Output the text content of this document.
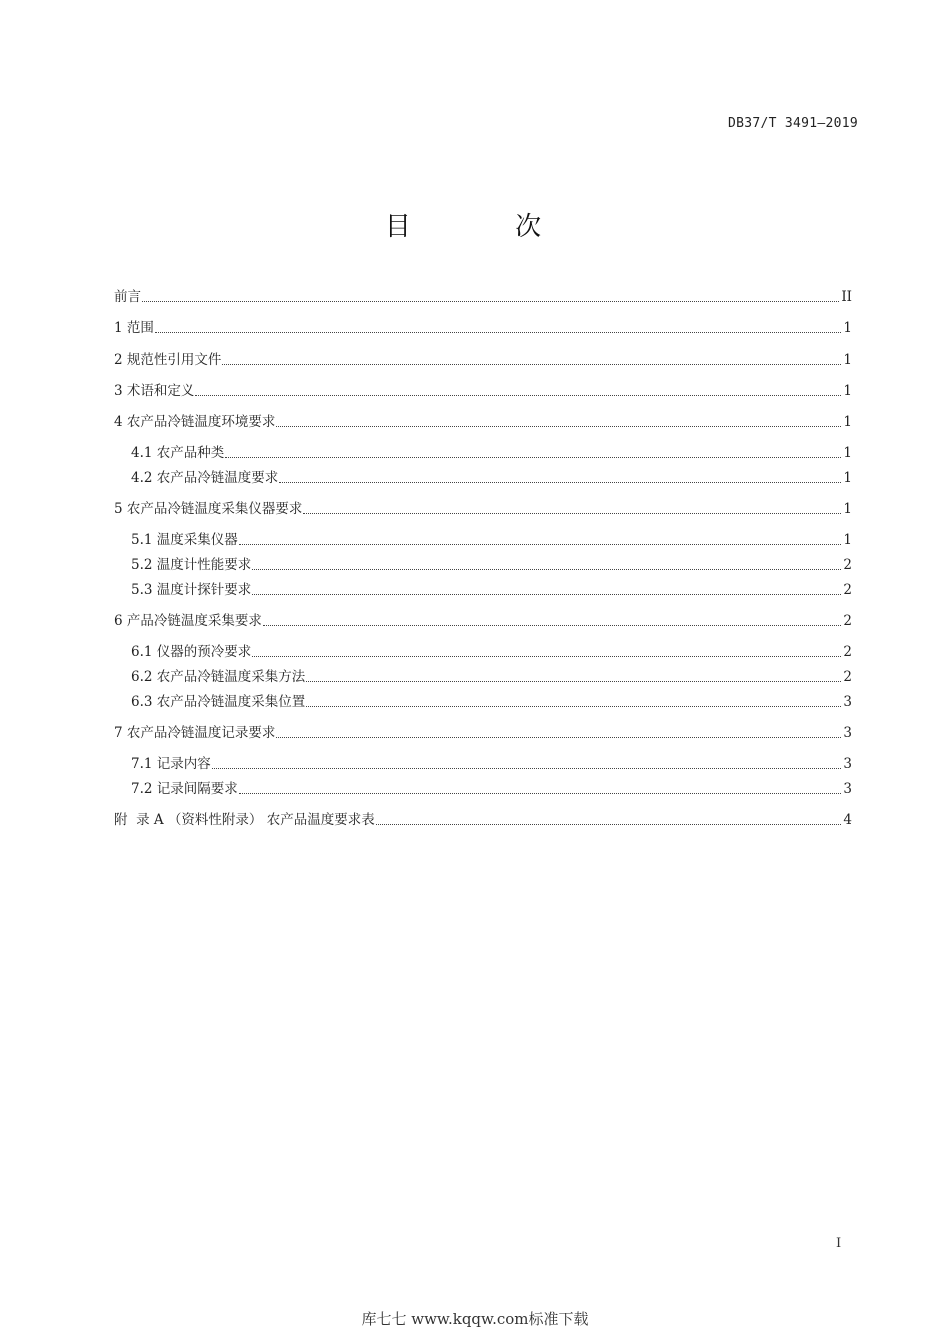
DB37/T 3491—2019
目 次
前言	II
1 范围	1
2 规范性引用文件	1
3 术语和定义	1
4 农产品冷链温度环境要求	1
4.1 农产品种类	1
4.2 农产品冷链温度要求	1
5 农产品冷链温度采集仪器要求	1
5.1 温度采集仪器	1
5.2 温度计性能要求	2
5.3 温度计探针要求	2
6 产品冷链温度采集要求	2
6.1 仪器的预冷要求	2
6.2 农产品冷链温度采集方法	2
6.3 农产品冷链温度采集位置	3
7 农产品冷链温度记录要求	3
7.1 记录内容	3
7.2 记录间隔要求	3
附  录 A （资料性附录） 农产品温度要求表	4
I
库七七 www.kqqw.com标准下载
